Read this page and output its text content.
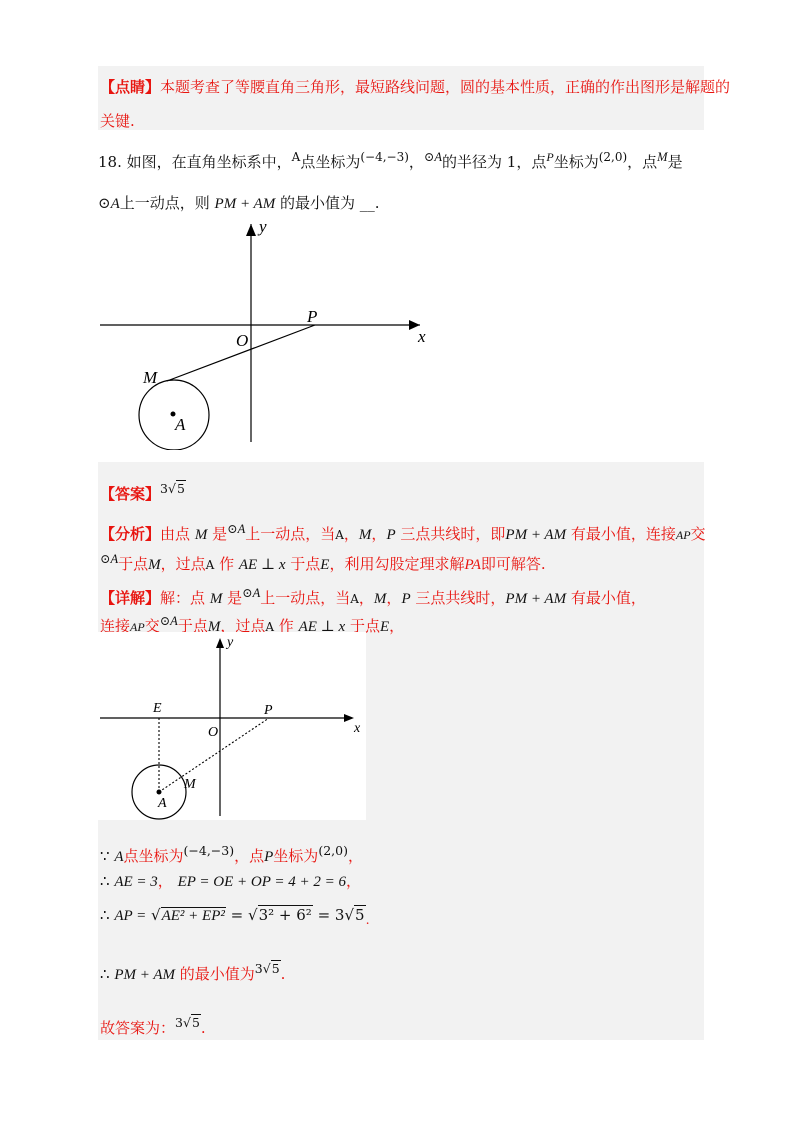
【点睛】本题考查了等腰直角三角形，最短路线问题，圆的基本性质，正确的作出图形是解题的
关键.
18. 如图，在直角坐标系中，$^A$点坐标为$^{(-4,-3)}$，$^{⊙A}$的半径为 1，点$^P$坐标为$^{(2,0)}$，点$^M$是
⊙A上一动点，则 PM + AM 的最小值为 __.
y
x
O
P
M
A
【答案】$^{3√5}$
【分析】由点 M 是$^{⊙A}$上一动点，当A，M，P 三点共线时，即PM + AM 有最小值，连接AP交
$^{⊙A}$于点M，过点A 作 AE ⊥ x 于点E，利用勾股定理求解PA即可解答.
【详解】解：点 M 是$^{⊙A}$上一动点，当A，M，P 三点共线时，PM + AM 有最小值，
连接AP交$^{⊙A}$于点M，过点A 作 AE ⊥ x 于点E，
y
x
O
P
E
M
A
∵ A点坐标为$^{(-4,-3)}$，点P坐标为$^{(2,0)}$，
∴ AE = 3， EP = OE + OP = 4 + 2 = 6，
∴ AP = $√AE^2 + EP^2 = √3^2 + 6^2 = 3√5_.$
∴ PM + AM 的最小值为$^{3√5}$.
故答案为：$^{3√5}$.
